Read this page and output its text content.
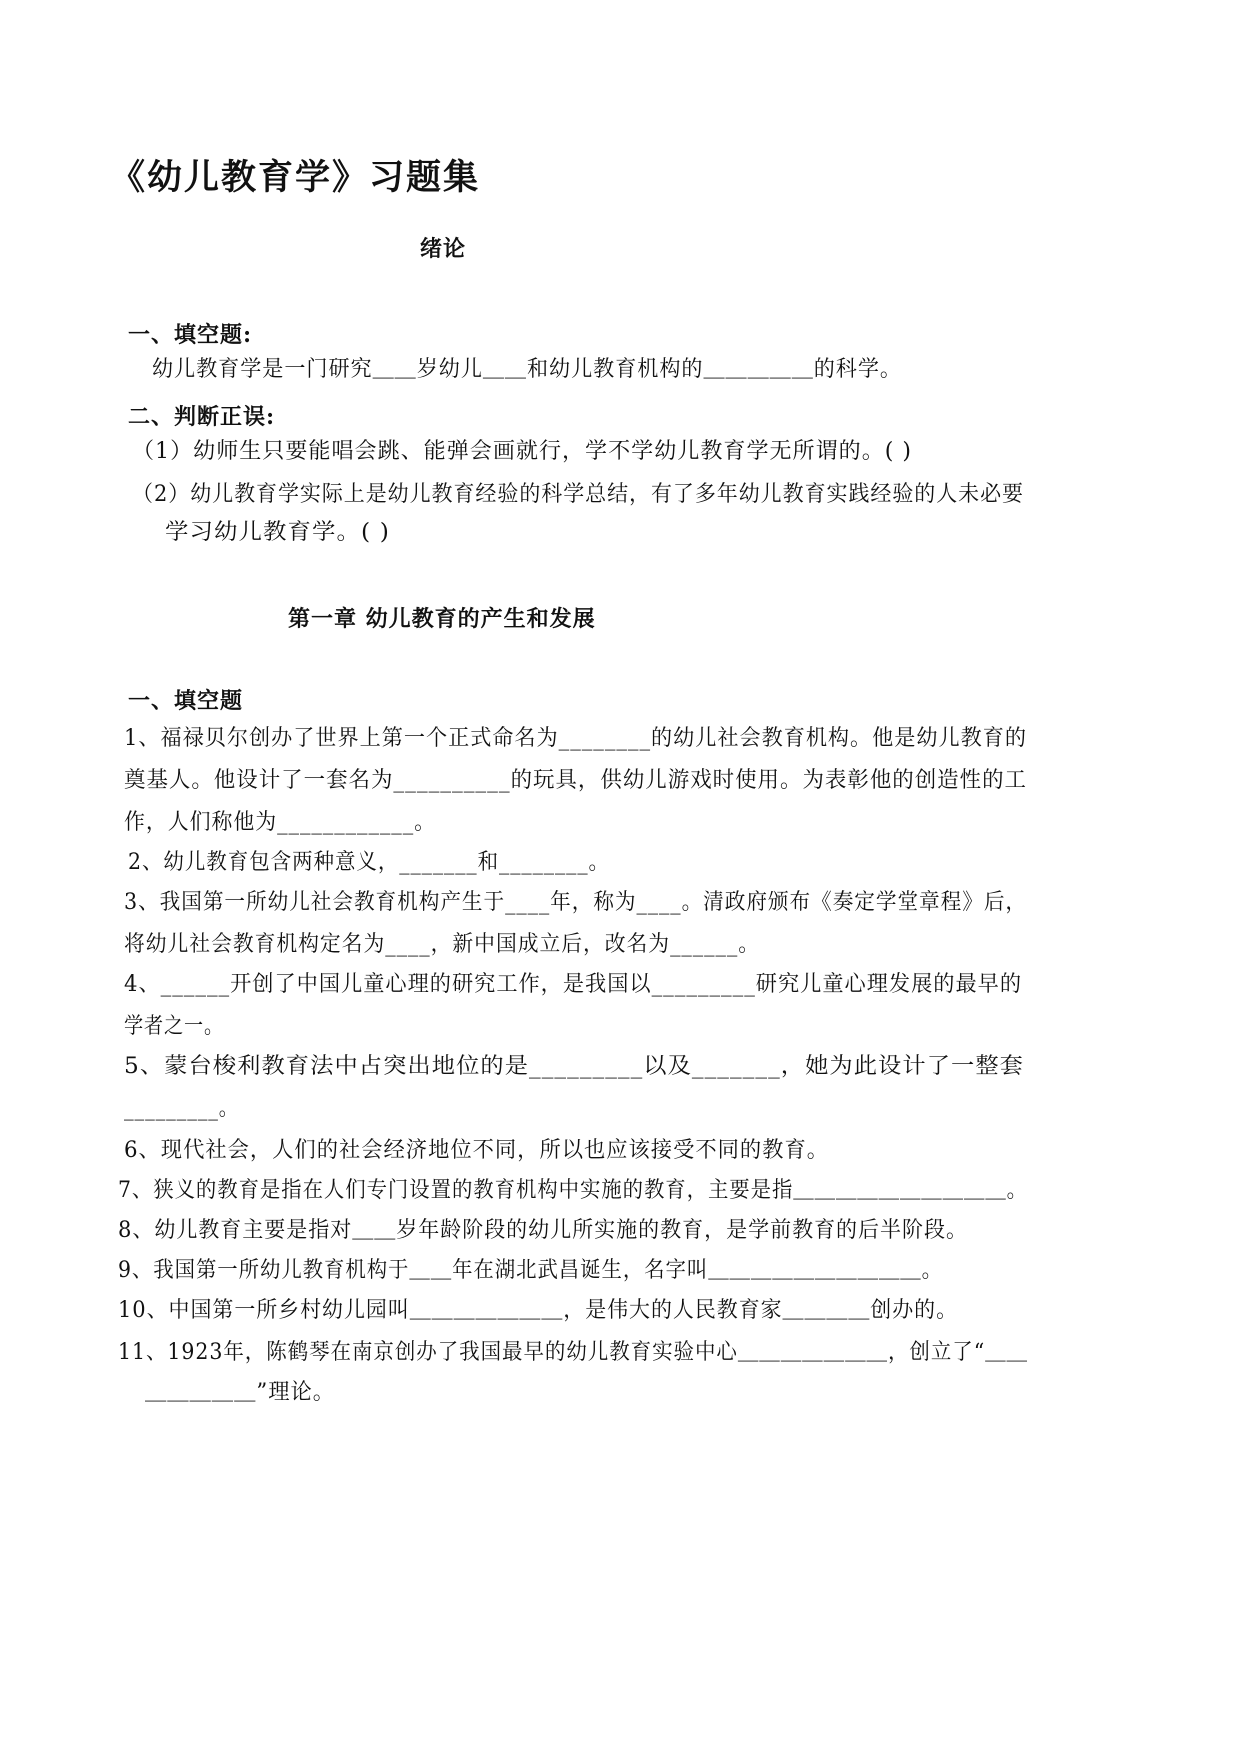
《幼儿教育学》习题集
绪论
一、填空题:
幼儿教育学是一门研究＿＿岁幼儿＿＿和幼儿教育机构的＿＿＿＿＿的科学。
二、判断正误:
（1）幼师生只要能唱会跳、能弹会画就行，学不学幼儿教育学无所谓的。( )
（2）幼儿教育学实际上是幼儿教育经验的科学总结，有了多年幼儿教育实践经验的人未必要
学习幼儿教育学。( )
第一章 幼儿教育的产生和发展
一、填空题
1、福禄贝尔创办了世界上第一个正式命名为________的幼儿社会教育机构。他是幼儿教育的
奠基人。他设计了一套名为__________的玩具，供幼儿游戏时使用。为表彰他的创造性的工
作，人们称他为____________。
2、幼儿教育包含两种意义，_______和________。
3、我国第一所幼儿社会教育机构产生于____年，称为____。清政府颁布《奏定学堂章程》后，
将幼儿社会教育机构定名为____，新中国成立后，改名为______。
4、______开创了中国儿童心理的研究工作，是我国以_________研究儿童心理发展的最早的
学者之一。
5、蒙台梭利教育法中占突出地位的是_________以及_______，她为此设计了一整套
_________。
6、现代社会，人们的社会经济地位不同，所以也应该接受不同的教育。
7、狭义的教育是指在人们专门设置的教育机构中实施的教育，主要是指＿＿＿＿＿＿＿＿＿＿。
8、幼儿教育主要是指对＿＿岁年龄阶段的幼儿所实施的教育，是学前教育的后半阶段。
9、我国第一所幼儿教育机构于＿＿年在湖北武昌诞生，名字叫＿＿＿＿＿＿＿＿＿＿。
10、中国第一所乡村幼儿园叫＿＿＿＿＿＿＿，是伟大的人民教育家＿＿＿＿创办的。
11、1923年，陈鹤琴在南京创办了我国最早的幼儿教育实验中心＿＿＿＿＿＿＿，创立了“＿＿
＿＿＿＿＿”理论。
